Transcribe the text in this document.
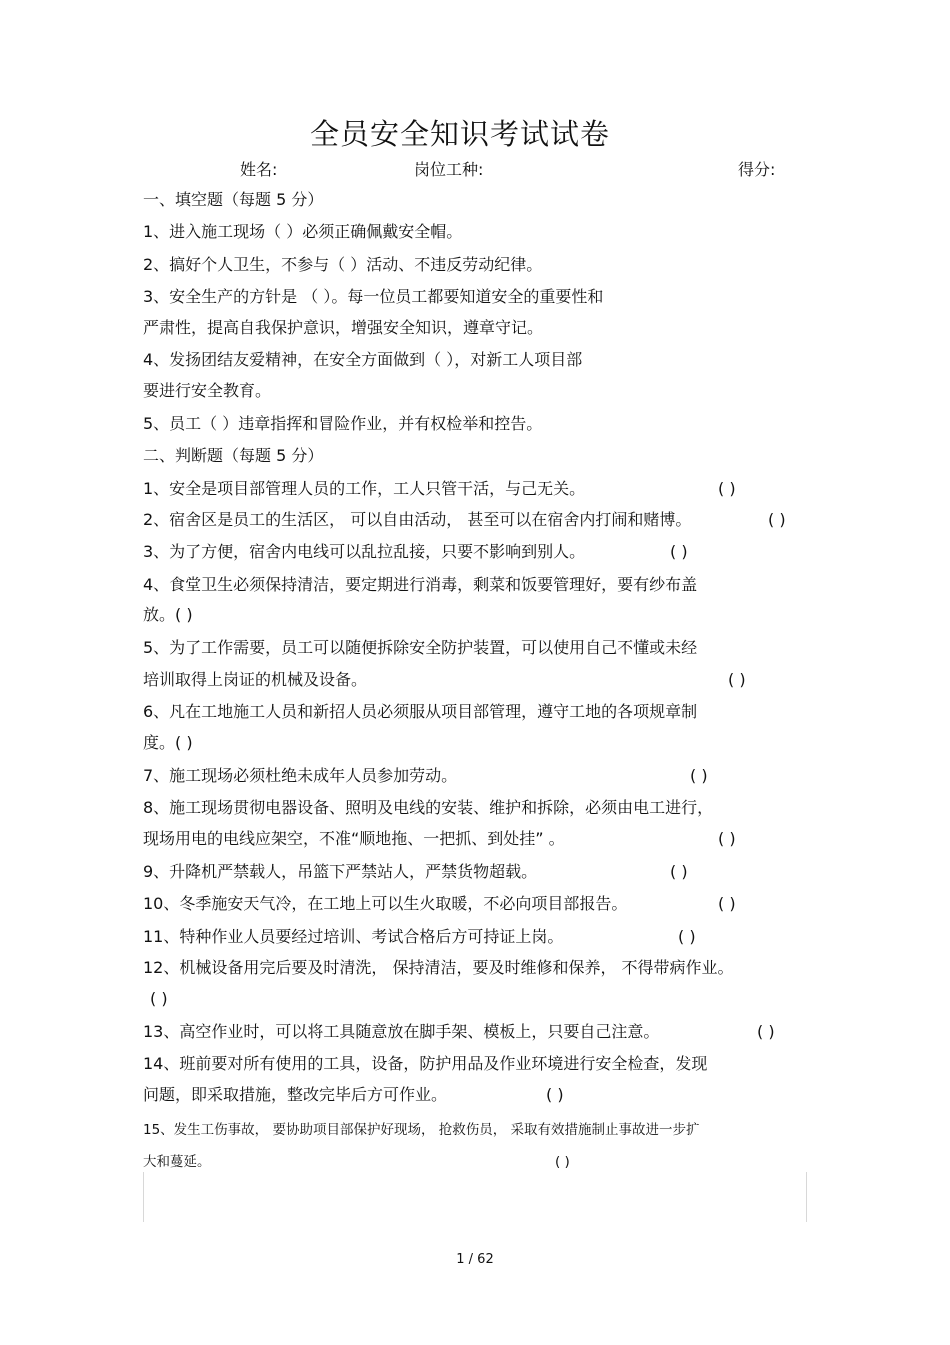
全员安全知识考试试卷
姓名:	岗位工种:	得分:
一、填空题（每题 5 分）
1、进入施工现场（ ）必须正确佩戴安全帽。
2、搞好个人卫生，不参与（ ）活动、不违反劳动纪律。
3、安全生产的方针是 （ ）。每一位员工都要知道安全的重要性和
严肃性，提高自我保护意识，增强安全知识，遵章守记。
4、发扬团结友爱精神，在安全方面做到（ ），对新工人项目部
要进行安全教育。
5、员工（ ）违章指挥和冒险作业，并有权检举和控告。
二、判断题（每题 5 分）
1、安全是项目部管理人员的工作，工人只管干活，与己无关。	( )
2、宿舍区是员工的生活区， 可以自由活动， 甚至可以在宿舍内打闹和赌博。	( )
3、为了方便，宿舍内电线可以乱拉乱接，只要不影响到别人。	( )
4、食堂卫生必须保持清洁，要定期进行消毒，剩菜和饭要管理好，要有纱布盖
放。( )
5、为了工作需要，员工可以随便拆除安全防护装置，可以使用自己不懂或未经
培训取得上岗证的机械及设备。	( )
6、凡在工地施工人员和新招人员必须服从项目部管理，遵守工地的各项规章制
度。( )
7、施工现场必须杜绝未成年人员参加劳动。	( )
8、施工现场贯彻电器设备、照明及电线的安装、维护和拆除，必须由电工进行，
现场用电的电线应架空，不准“顺地拖、一把抓、到处挂” 。	( )
9、升降机严禁载人，吊篮下严禁站人，严禁货物超载。	( )
10、冬季施安天气冷，在工地上可以生火取暖，不必向项目部报告。	( )
11、特种作业人员要经过培训、考试合格后方可持证上岗。	( )
12、机械设备用完后要及时清洗， 保持清洁，要及时维修和保养， 不得带病作业。
( )
13、高空作业时，可以将工具随意放在脚手架、模板上，只要自己注意。	( )
14、班前要对所有使用的工具，设备，防护用品及作业环境进行安全检查，发现
问题，即采取措施，整改完毕后方可作业。	( )
15、发生工伤事故， 要协助项目部保护好现场， 抢救伤员， 采取有效措施制止事故进一步扩
大和蔓延。	( )
1 / 62
